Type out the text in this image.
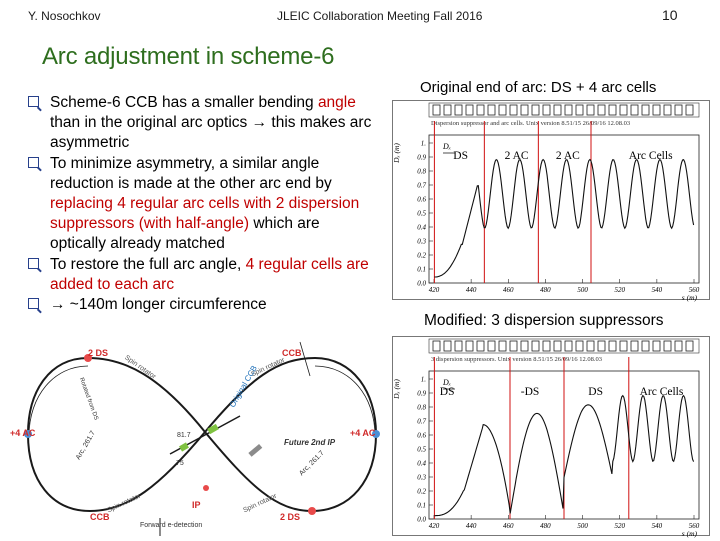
Y. Nosochkov	JLEIC Collaboration Meeting Fall 2016	10
Arc adjustment in scheme-6
Scheme-6 CCB has a smaller bending angle than in the original arc optics → this makes arc asymmetric
To minimize asymmetry, a similar angle reduction is made at the other arc end by replacing 4 regular arc cells with 2 dispersion suppressors (with half-angle) which are optically already matched
To restore the full arc angle, 4 regular cells are added to each arc
→ ~140m longer circumference
Original end of arc: DS + 4 arc cells
Dispersion suppressor and arc cells. Unix version 8.51/15 26/09/16 12.08.03
1.
0.9
0.8
0.7
0.6
0.5
0.4
0.3
0.2
0.1
0.0
420	440	460	480	500	520	540	560
Dₓ (m)
s (m)
Dₓ
DS	2 AC 2 AC	Arc Cells
Modified: 3 dispersion suppressors
3 dispersion suppressors. Unix version 8.51/15 26/09/16 12.08.03
1.
0.9
0.8
0.7
0.6
0.5
0.4
0.3
0.2
0.1
0.0
420	440	460	480	500	520	540	560
Dₓ (m)
s (m)
Dₓ
DS	-DS	DS	Arc Cells
2 DS	CCB
Spin rotator	Spin rotator
+4 AC	+4 AC
Original CCB
Future 2nd IP
IP
CCB	2 DS
Forward e-detection
Spin rotator	Spin rotator
Arc, 261.7
Arc, 261.7
81.7
75
Rotated from DS
